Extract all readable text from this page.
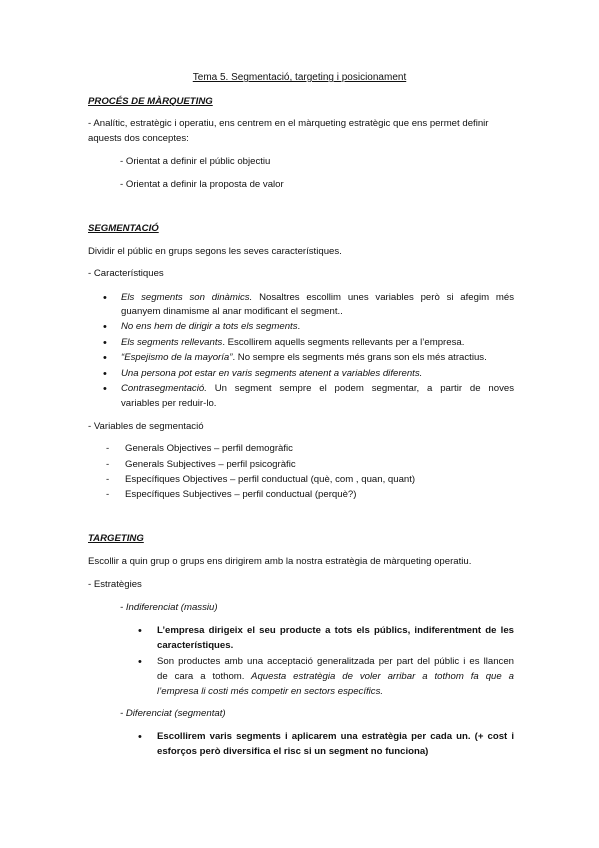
Tema 5. Segmentació, targeting i posicionament
PROCÉS DE MÀRQUETING
- Analític, estratègic i operatiu, ens centrem en el màrqueting estratègic que ens permet definir
aquests dos conceptes:
- Orientat a definir el públic objectiu
- Orientat a definir la proposta de valor
SEGMENTACIÓ
Dividir el públic en grups segons les seves característiques.
- Característiques
• Els segments son dinàmics. Nosaltres escollim unes variables però si afegim més
guanyem dinamisme al anar modificant el segment..
• No ens hem de dirigir a tots els segments.
• Els segments rellevants. Escollirem aquells segments rellevants per a l’empresa.
• “Espejismo de la mayoría”. No sempre els segments més grans son els més atractius.
• Una persona pot estar en varis segments atenent a variables diferents.
• Contrasegmentació. Un segment sempre el podem segmentar, a partir de noves
variables per reduir-lo.
- Variables de segmentació
- Generals Objectives – perfil demogràfic
- Generals Subjectives – perfil psicogràfic
- Específiques Objectives – perfil conductual (què, com , quan, quant)
- Específiques Subjectives – perfil conductual (perquè?)
TARGETING
Escollir a quin grup o grups ens dirigirem amb la nostra estratègia de màrqueting operatiu.
- Estratègies
- Indiferenciat (massiu)
• L’empresa dirigeix el seu producte a tots els públics, indiferentment de les
característiques.
• Son productes amb una acceptació generalitzada per part del públic i es llancen
de cara a tothom. Aquesta estratègia de voler arribar a tothom fa que a
l’empresa li costi més competir en sectors específics.
- Diferenciat (segmentat)
• Escollirem varis segments i aplicarem una estratègia per cada un. (+ cost i
esforços però diversifica el risc si un segment no funciona)
